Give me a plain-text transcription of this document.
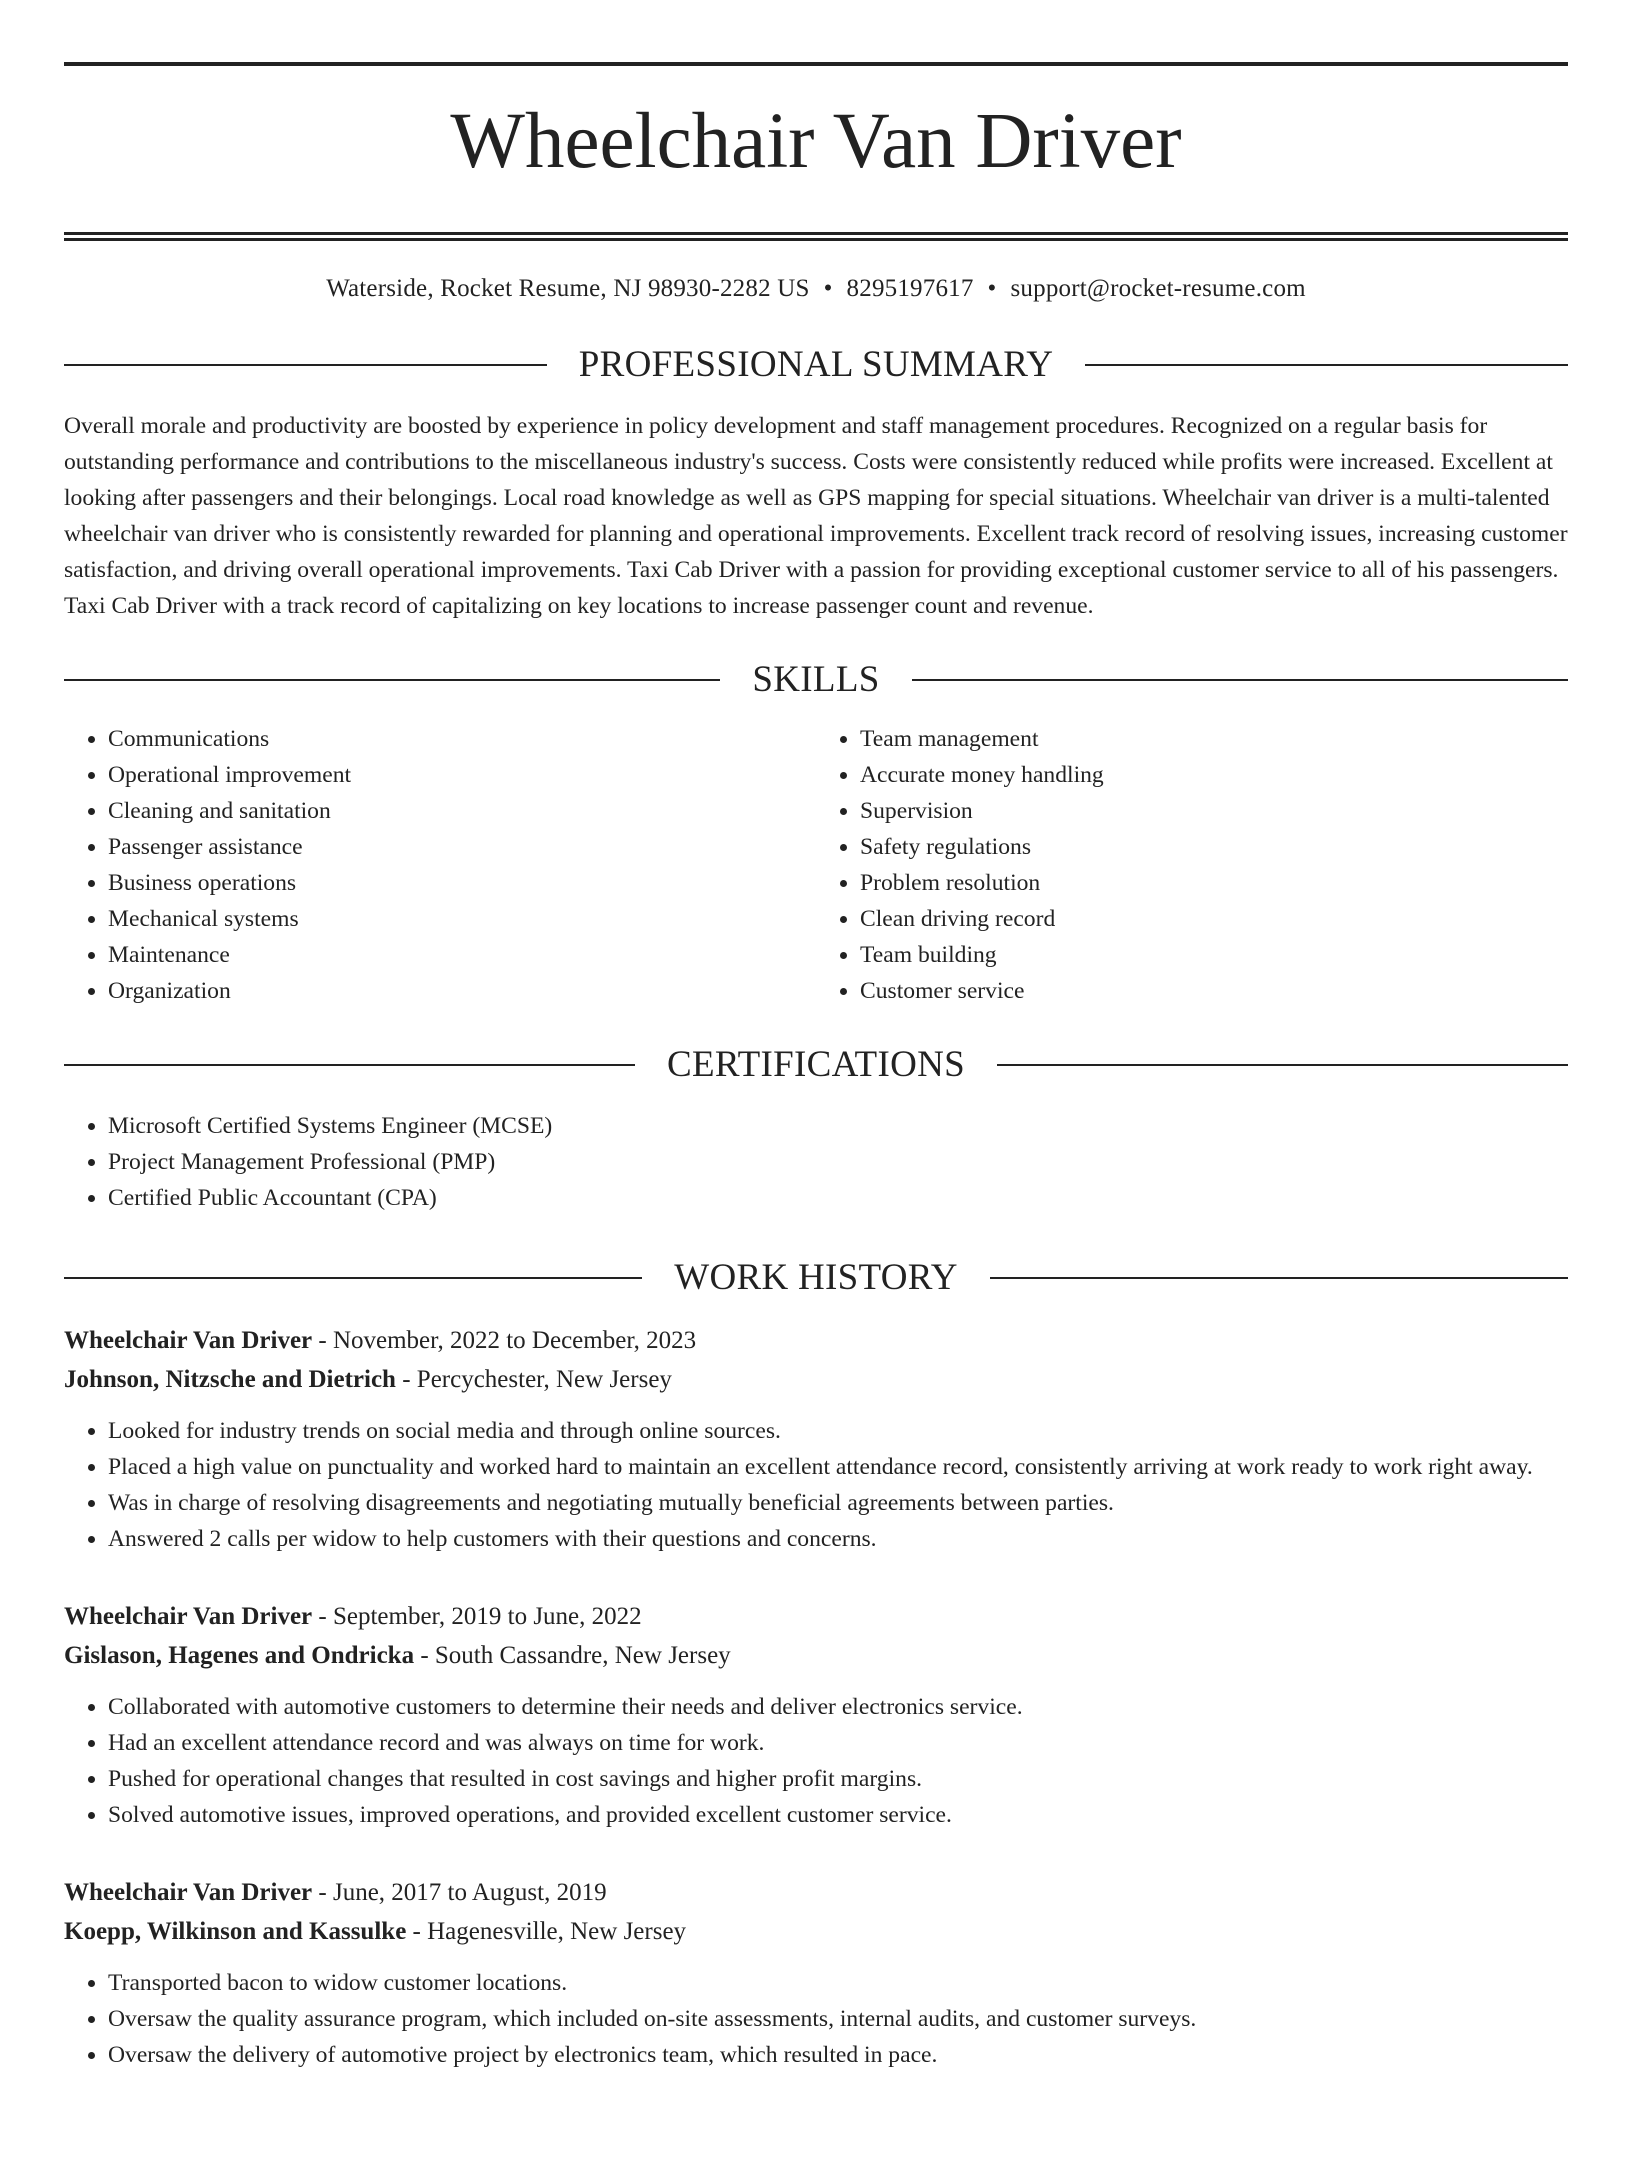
Wheelchair Van Driver
Waterside, Rocket Resume, NJ 98930-2282 US • 8295197617 • support@rocket-resume.com
PROFESSIONAL SUMMARY

Overall morale and productivity are boosted by experience in policy development and staff management procedures. Recognized on a regular basis for outstanding performance and contributions to the miscellaneous industry's success. Costs were consistently reduced while profits were increased. Excellent at looking after passengers and their belongings. Local road knowledge as well as GPS mapping for special situations. Wheelchair van driver is a multi-talented wheelchair van driver who is consistently rewarded for planning and operational improvements. Excellent track record of resolving issues, increasing customer satisfaction, and driving overall operational improvements. Taxi Cab Driver with a passion for providing exceptional customer service to all of his passengers. Taxi Cab Driver with a track record of capitalizing on key locations to increase passenger count and revenue.

SKILLS
• Communications
• Operational improvement
• Cleaning and sanitation
• Passenger assistance
• Business operations
• Mechanical systems
• Maintenance
• Organization
• Team management
• Accurate money handling
• Supervision
• Safety regulations
• Problem resolution
• Clean driving record
• Team building
• Customer service
CERTIFICATIONS
• Microsoft Certified Systems Engineer (MCSE)
• Project Management Professional (PMP)
• Certified Public Accountant (CPA)
WORK HISTORY
Wheelchair Van Driver - November, 2022 to December, 2023
Johnson, Nitzsche and Dietrich - Percychester, New Jersey
• Looked for industry trends on social media and through online sources.
• Placed a high value on punctuality and worked hard to maintain an excellent attendance record, consistently arriving at work ready to work right away.
• Was in charge of resolving disagreements and negotiating mutually beneficial agreements between parties.
• Answered 2 calls per widow to help customers with their questions and concerns.
Wheelchair Van Driver - September, 2019 to June, 2022
Gislason, Hagenes and Ondricka - South Cassandre, New Jersey
• Collaborated with automotive customers to determine their needs and deliver electronics service.
• Had an excellent attendance record and was always on time for work.
• Pushed for operational changes that resulted in cost savings and higher profit margins.
• Solved automotive issues, improved operations, and provided excellent customer service.
Wheelchair Van Driver - June, 2017 to August, 2019
Koepp, Wilkinson and Kassulke - Hagenesville, New Jersey
• Transported bacon to widow customer locations.
• Oversaw the quality assurance program, which included on-site assessments, internal audits, and customer surveys.
• Oversaw the delivery of automotive project by electronics team, which resulted in pace.
